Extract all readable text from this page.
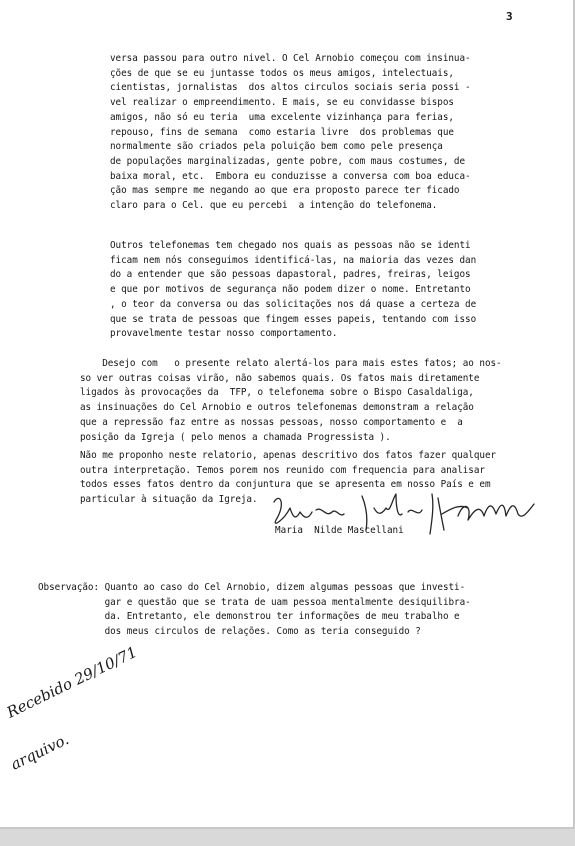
3

versa passou para outro nivel. O Cel Arnobio começou com insinua-
ções de que se eu juntasse todos os meus amigos, intelectuais,
cientistas, jornalistas  dos altos circulos sociais seria possi -
vel realizar o empreendimento. E mais, se eu convidasse bispos
amigos, não só eu teria  uma excelente vizinhança para ferias,
repouso, fins de semana  como estaria livre  dos problemas que
normalmente são criados pela poluição bem como pele presença
de populações marginalizadas, gente pobre, com maus costumes, de
baixa moral, etc.  Embora eu conduzisse a conversa com boa educa-
ção mas sempre me negando ao que era proposto parece ter ficado
claro para o Cel. que eu percebi  a intenção do telefonema.

Outros telefonemas tem chegado nos quais as pessoas não se identi
ficam nem nós conseguimos identificá-las, na maioria das vezes dan
do a entender que são pessoas dapastoral, padres, freiras, leigos
e que por motivos de segurança não podem dizer o nome. Entretanto
, o teor da conversa ou das solicitações nos dá quase a certeza de
que se trata de pessoas que fingem esses papeis, tentando com isso
provavelmente testar nosso comportamento.

Desejo com   o presente relato alertá-los para mais estes fatos; ao nos-
so ver outras coisas virão, não sabemos quais. Os fatos mais diretamente
ligados às provocações da  TFP, o telefonema sobre o Bispo Casaldaliga,
as insinuações do Cel Arnobio e outros telefonemas demonstram a relação
que a repressão faz entre as nossas pessoas, nosso comportamento e  a
posição da Igreja ( pelo menos a chamada Progressista ).

Não me proponho neste relatorio, apenas descritivo dos fatos fazer qualquer
outra interpretação. Temos porem nos reunido com frequencia para analisar
todos esses fatos dentro da conjuntura que se apresenta em nosso País e em
particular à situação da Igreja.

Maria  Nilde Mascellani

Observação: Quanto ao caso do Cel Arnobio, dizem algumas pessoas que investi-
gar e questão que se trata de uam pessoa mentalmente desiquilibra-
da. Entretanto, ele demonstrou ter informações de meu trabalho e
dos meus circulos de relações. Como as teria conseguido ?

Recebido 29/10/71
arquivo.
